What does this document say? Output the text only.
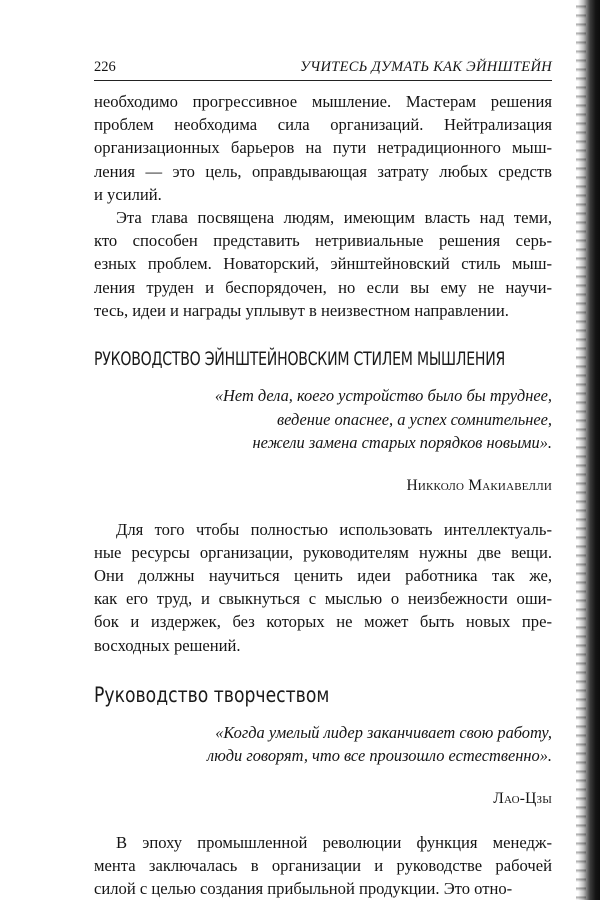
226	УЧИТЕСЬ ДУМАТЬ КАК ЭЙНШТЕЙН

необходимо прогрессивное мышление. Мастерам решения
проблем необходима сила организаций. Нейтрализация
организационных барьеров на пути нетрадиционного мыш-
ления — это цель, оправдывающая затрату любых средств
и усилий.

Эта глава посвящена людям, имеющим власть над теми,
кто способен представить нетривиальные решения серь-
езных проблем. Новаторский, эйнштейновский стиль мыш-
ления труден и беспорядочен, но если вы ему не научи-
тесь, идеи и награды уплывут в неизвестном направлении.

РУКОВОДСТВО ЭЙНШТЕЙНОВСКИМ СТИЛЕМ МЫШЛЕНИЯ
«Нет дела, коего устройство было бы труднее,
ведение опаснее, а успех сомнительнее,
нежели замена старых порядков новыми».
Никколо Макиавелли

Для того чтобы полностью использовать интеллектуаль-
ные ресурсы организации, руководителям нужны две вещи.
Они должны научиться ценить идеи работника так же,
как его труд, и свыкнуться с мыслью о неизбежности оши-
бок и издержек, без которых не может быть новых пре-
восходных решений.

Руководство творчеством
«Когда умелый лидер заканчивает свою работу,
люди говорят, что все произошло естественно».
Лао-Цзы

В эпоху промышленной революции функция менедж-
мента заключалась в организации и руководстве рабочей
силой с целью создания прибыльной продукции. Это отно-
